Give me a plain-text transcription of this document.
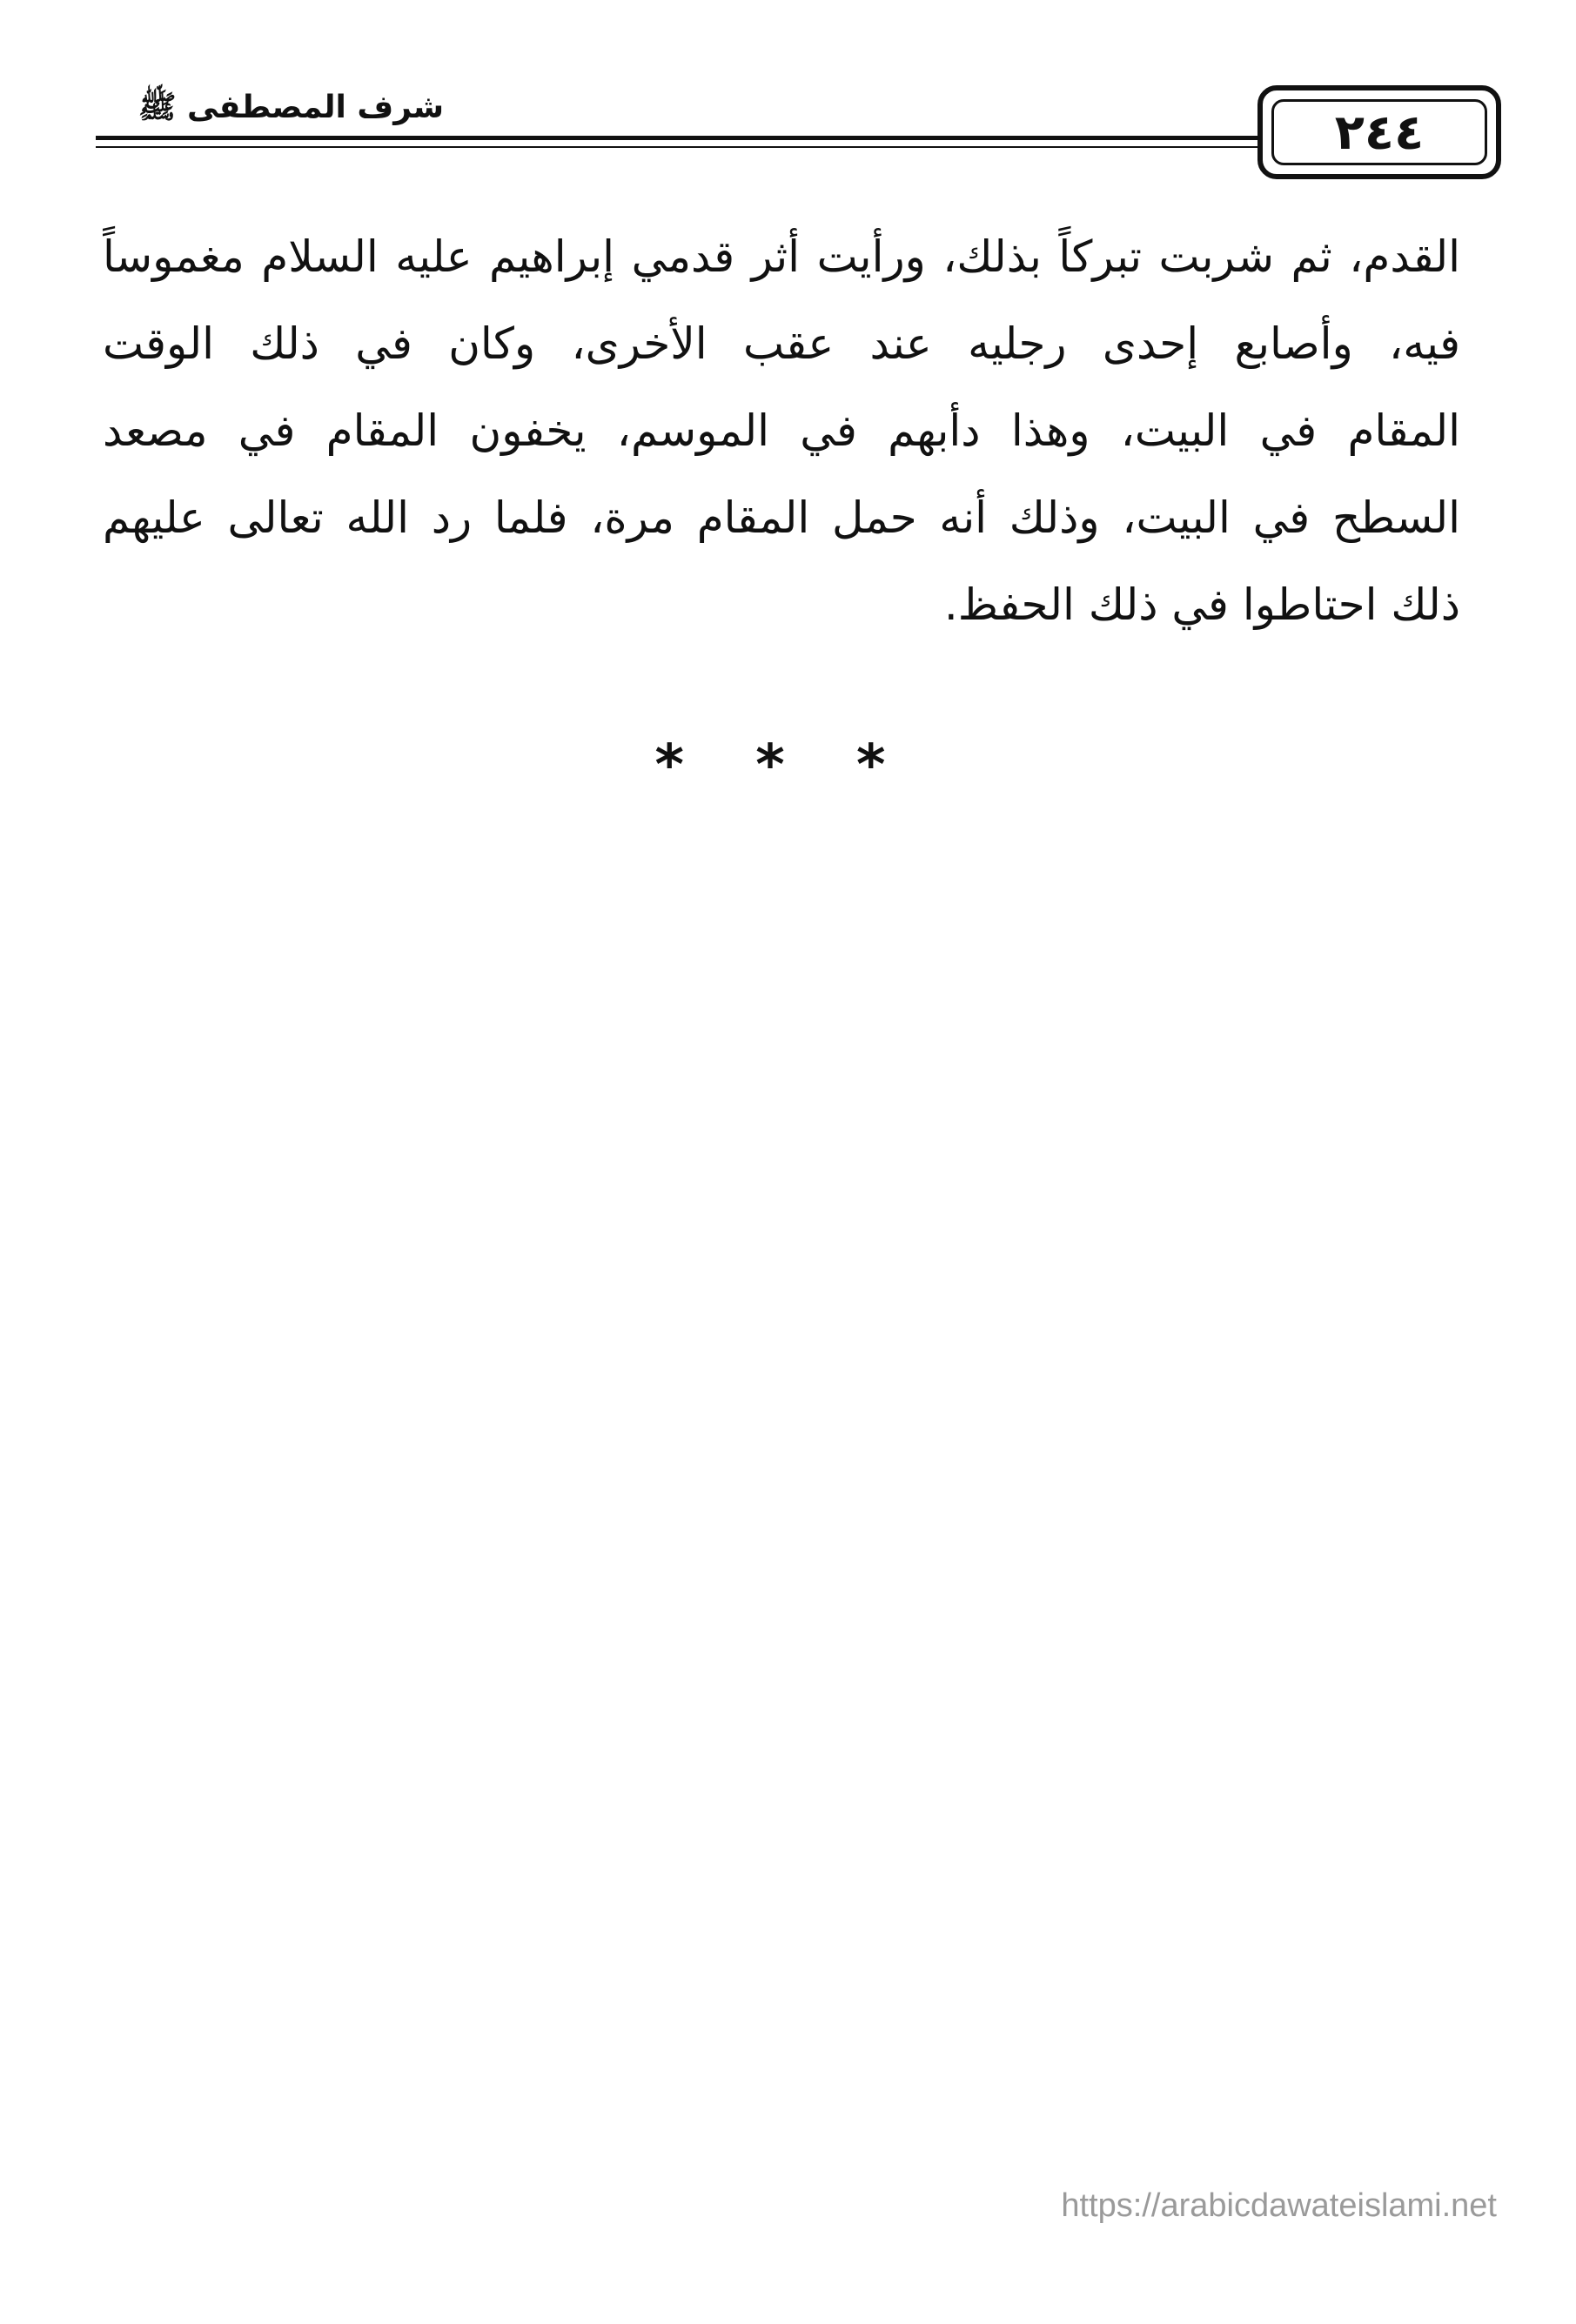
شرف المصطفى ﷺ	٢٤٤
القدم، ثم شربت تبركاً بذلك، ورأيت أثر قدمي إبراهيم عليه السلام مغموساً
فيه، وأصابع إحدى رجليه عند عقب الأخرى، وكان في ذلك الوقت
المقام في البيت، وهذا دأبهم في الموسم، يخفون المقام في مصعد
السطح في البيت، وذلك أنه حمل المقام مرة، فلما رد الله تعالى عليهم
ذلك احتاطوا في ذلك الحفظ.
* * *
https://arabicdawateislami.net
